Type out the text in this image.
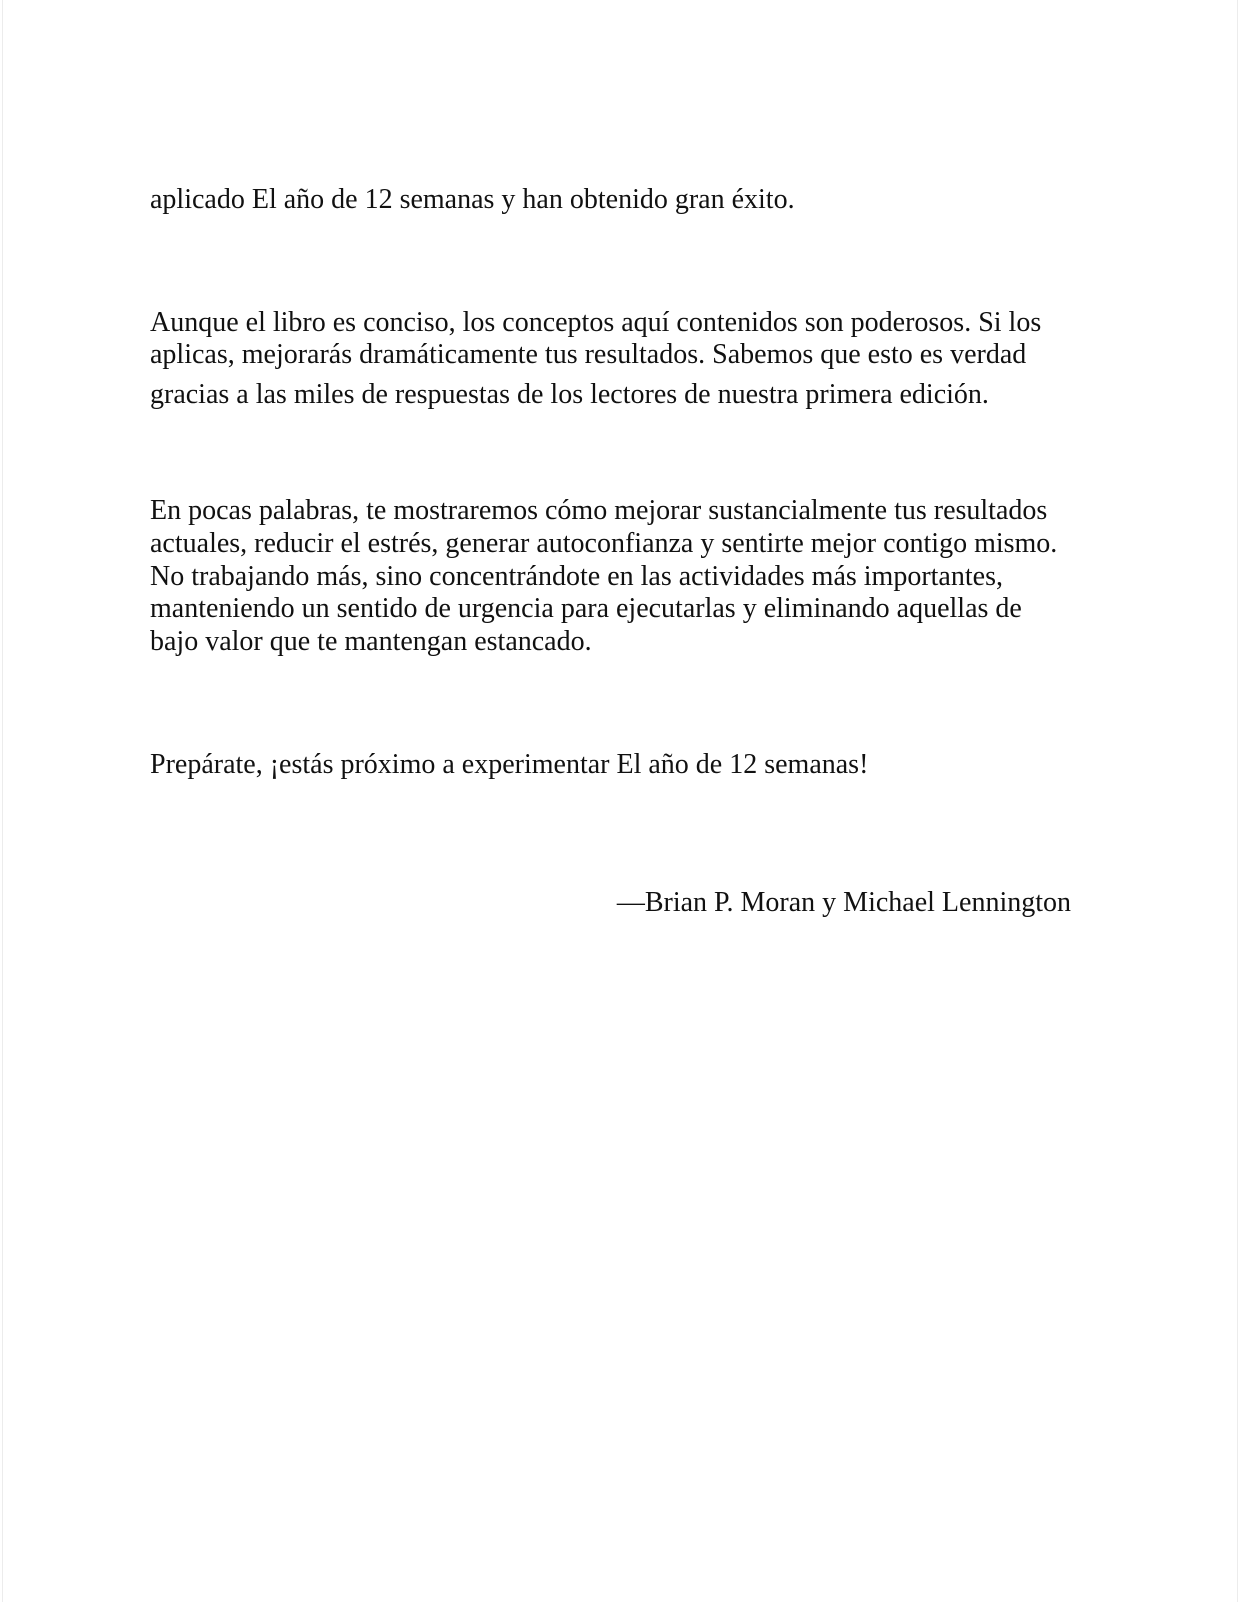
aplicado El año de 12 semanas y han obtenido gran éxito.

Aunque el libro es conciso, los conceptos aquí contenidos son poderosos. Si los

aplicas, mejorarás dramáticamente tus resultados. Sabemos que esto es verdad

gracias a las miles de respuestas de los lectores de nuestra primera edición.

En pocas palabras, te mostraremos cómo mejorar sustancialmente tus resultados

actuales, reducir el estrés, generar autoconfianza y sentirte mejor contigo mismo.

No trabajando más, sino concentrándote en las actividades más importantes,

manteniendo un sentido de urgencia para ejecutarlas y eliminando aquellas de

bajo valor que te mantengan estancado.

Prepárate, ¡estás próximo a experimentar El año de 12 semanas!

—Brian P. Moran y Michael Lennington
